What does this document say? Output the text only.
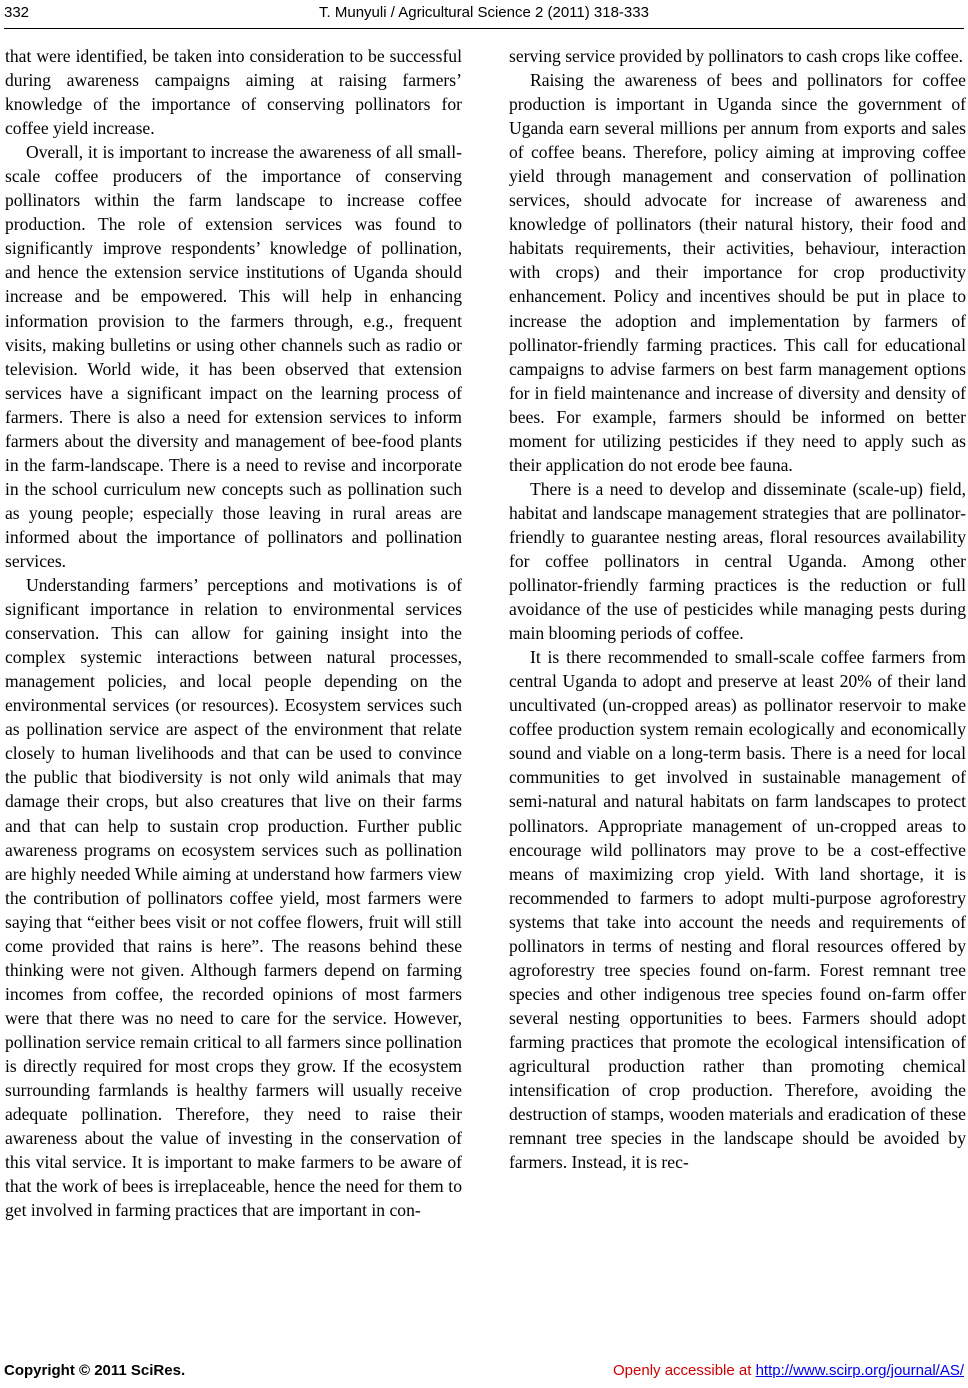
332	T. Munyuli / Agricultural Science 2 (2011) 318-333

that were identified, be taken into consideration to be successful during awareness campaigns aiming at raising farmers’ knowledge of the importance of conserving pollinators for coffee yield increase.

Overall, it is important to increase the awareness of all small-scale coffee producers of the importance of conserving pollinators within the farm landscape to increase coffee production. The role of extension services was found to significantly improve respondents’ knowledge of pollination, and hence the extension service institutions of Uganda should increase and be empowered. This will help in enhancing information provision to the farmers through, e.g., frequent visits, making bulletins or using other channels such as radio or television. World wide, it has been observed that extension services have a significant impact on the learning process of farmers. There is also a need for extension services to inform farmers about the diversity and management of bee-food plants in the farm-landscape. There is a need to revise and incorporate in the school curriculum new concepts such as pollination such as young people; especially those leaving in rural areas are informed about the importance of pollinators and pollination services.

Understanding farmers’ perceptions and motivations is of significant importance in relation to environmental services conservation. This can allow for gaining insight into the complex systemic interactions between natural processes, management policies, and local people depending on the environmental services (or resources). Ecosystem services such as pollination service are aspect of the environment that relate closely to human livelihoods and that can be used to convince the public that biodiversity is not only wild animals that may damage their crops, but also creatures that live on their farms and that can help to sustain crop production. Further public awareness programs on ecosystem services such as pollination are highly needed While aiming at understand how farmers view the contribution of pollinators coffee yield, most farmers were saying that “either bees visit or not coffee flowers, fruit will still come provided that rains is here”. The reasons behind these thinking were not given. Although farmers depend on farming incomes from coffee, the recorded opinions of most farmers were that there was no need to care for the service. However, pollination service remain critical to all farmers since pollination is directly required for most crops they grow. If the ecosystem surrounding farmlands is healthy farmers will usually receive adequate pollination. Therefore, they need to raise their awareness about the value of investing in the conservation of this vital service. It is important to make farmers to be aware of that the work of bees is irreplaceable, hence the need for them to get involved in farming practices that are important in con-

serving service provided by pollinators to cash crops like coffee.

Raising the awareness of bees and pollinators for coffee production is important in Uganda since the government of Uganda earn several millions per annum from exports and sales of coffee beans. Therefore, policy aiming at improving coffee yield through management and conservation of pollination services, should advocate for increase of awareness and knowledge of pollinators (their natural history, their food and habitats requirements, their activities, behaviour, interaction with crops) and their importance for crop productivity enhancement. Policy and incentives should be put in place to increase the adoption and implementation by farmers of pollinator-friendly farming practices. This call for educational campaigns to advise farmers on best farm management options for in field maintenance and increase of diversity and density of bees. For example, farmers should be informed on better moment for utilizing pesticides if they need to apply such as their application do not erode bee fauna.

There is a need to develop and disseminate (scale-up) field, habitat and landscape management strategies that are pollinator-friendly to guarantee nesting areas, floral resources availability for coffee pollinators in central Uganda. Among other pollinator-friendly farming practices is the reduction or full avoidance of the use of pesticides while managing pests during main blooming periods of coffee.

It is there recommended to small-scale coffee farmers from central Uganda to adopt and preserve at least 20% of their land uncultivated (un-cropped areas) as pollinator reservoir to make coffee production system remain ecologically and economically sound and viable on a long-term basis. There is a need for local communities to get involved in sustainable management of semi-natural and natural habitats on farm landscapes to protect pollinators. Appropriate management of un-cropped areas to encourage wild pollinators may prove to be a cost-effective means of maximizing crop yield. With land shortage, it is recommended to farmers to adopt multi-purpose agroforestry systems that take into account the needs and requirements of pollinators in terms of nesting and floral resources offered by agroforestry tree species found on-farm. Forest remnant tree species and other indigenous tree species found on-farm offer several nesting opportunities to bees. Farmers should adopt farming practices that promote the ecological intensification of agricultural production rather than promoting chemical intensification of crop production. Therefore, avoiding the destruction of stamps, wooden materials and eradication of these remnant tree species in the landscape should be avoided by farmers. Instead, it is rec-

Copyright © 2011 SciRes.	Openly accessible at http://www.scirp.org/journal/AS/
